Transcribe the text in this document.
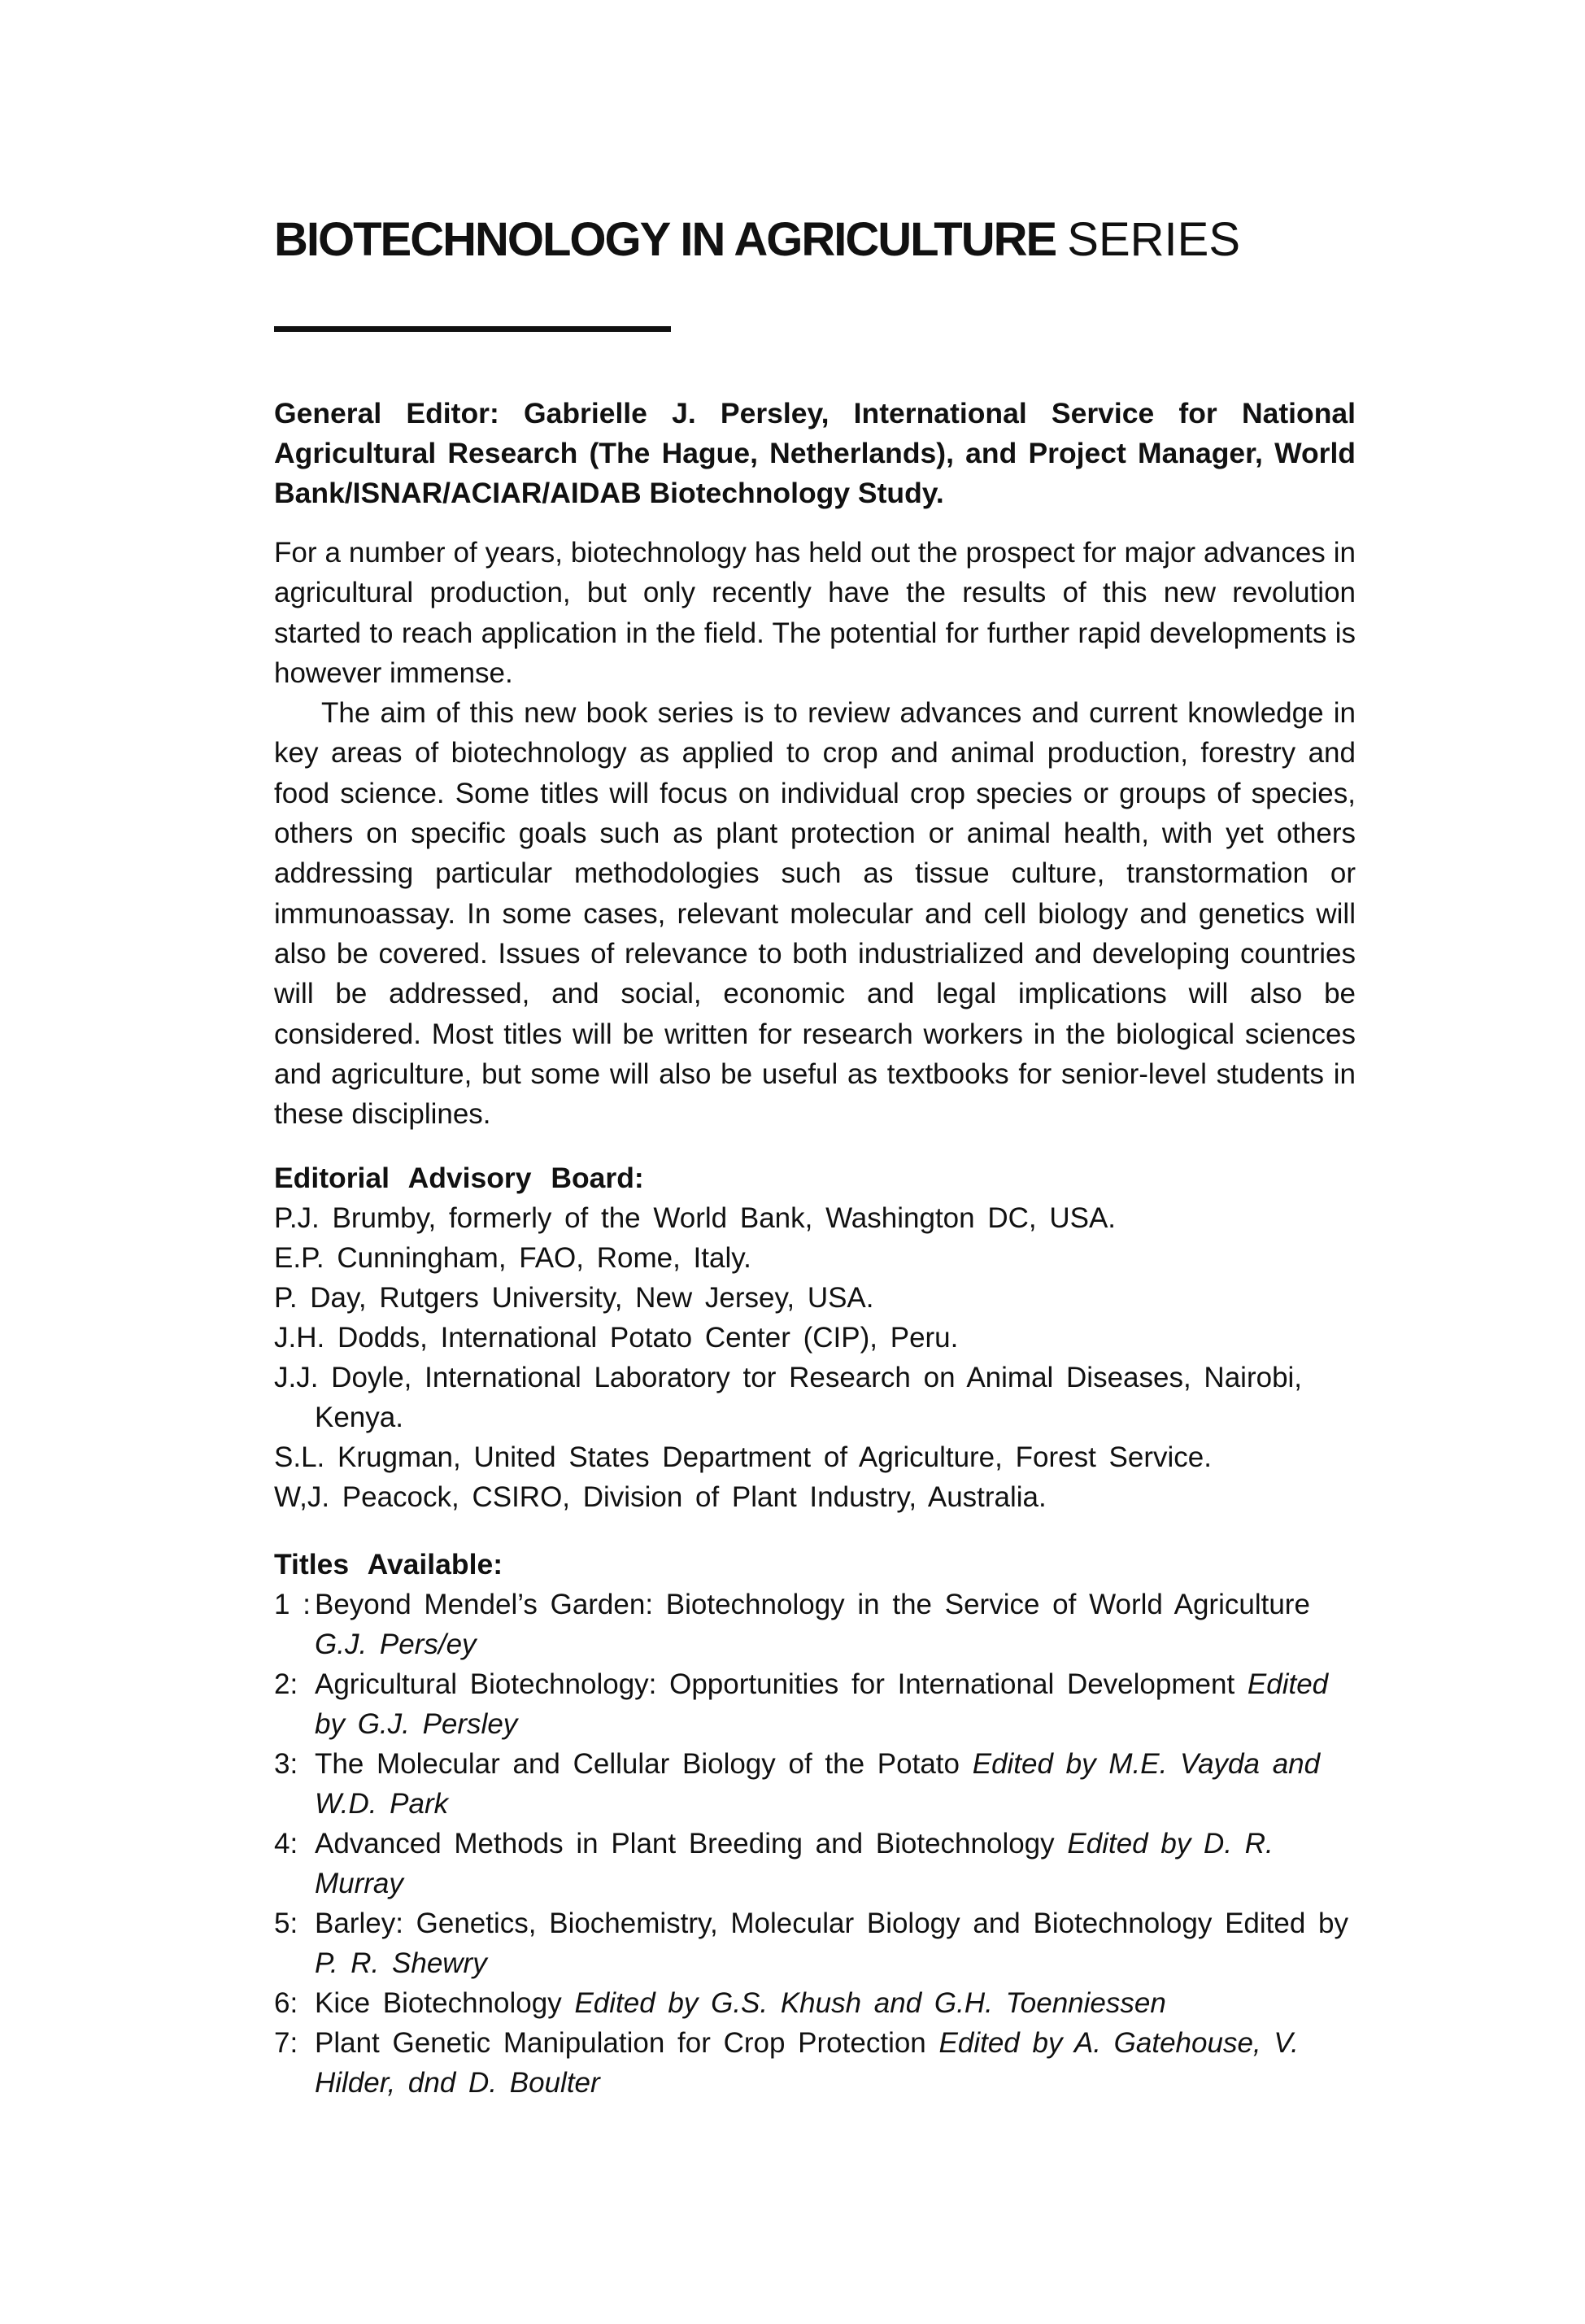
BIOTECHNOLOGY IN AGRICULTURE SERIES
General Editor: Gabrielle J. Persley, International Service for National Agricultural Research (The Hague, Netherlands), and Project Manager, World Bank/ISNAR/ACIAR/AIDAB Biotechnology Study.

For a number of years, biotechnology has held out the prospect for major advances in agricultural production, but only recently have the results of this new revolution started to reach application in the field. The potential for further rapid developments is however immense.

The aim of this new book series is to review advances and current knowledge in key areas of biotechnology as applied to crop and animal production, forestry and food science. Some titles will focus on individual crop species or groups of species, others on specific goals such as plant protection or animal health, with yet others addressing particular methodologies such as tissue culture, transtormation or immunoassay. In some cases, relevant molecular and cell biology and genetics will also be covered. Issues of relevance to both industrialized and developing countries will be addressed, and social, economic and legal implications will also be considered. Most titles will be written for research workers in the biological sciences and agriculture, but some will also be useful as textbooks for senior-level students in these disciplines.

Editorial Advisory Board:
P.J. Brumby, formerly of the World Bank, Washington DC, USA.
E.P. Cunningham, FAO, Rome, Italy.
P. Day, Rutgers University, New Jersey, USA.
J.H. Dodds, International Potato Center (CIP), Peru.
J.J. Doyle, International Laboratory tor Research on Animal Diseases, Nairobi, Kenya.
S.L. Krugman, United States Department of Agriculture, Forest Service.
W,J. Peacock, CSIRO, Division of Plant Industry, Australia.
Titles Available:
1 : Beyond Mendel’s Garden: Biotechnology in the Service of World Agriculture G.J. Pers/ey
2: Agricultural Biotechnology: Opportunities for International Development Edited by G.J. Persley
3: The Molecular and Cellular Biology of the Potato Edited by M.E. Vayda and W.D. Park
4: Advanced Methods in Plant Breeding and Biotechnology Edited by D. R. Murray
5: Barley: Genetics, Biochemistry, Molecular Biology and Biotechnology Edited by P. R. Shewry
6: Kice Biotechnology Edited by G.S. Khush and G.H. Toenniessen
7: Plant Genetic Manipulation for Crop Protection Edited by A. Gatehouse, V. Hilder, dnd D. Boulter
